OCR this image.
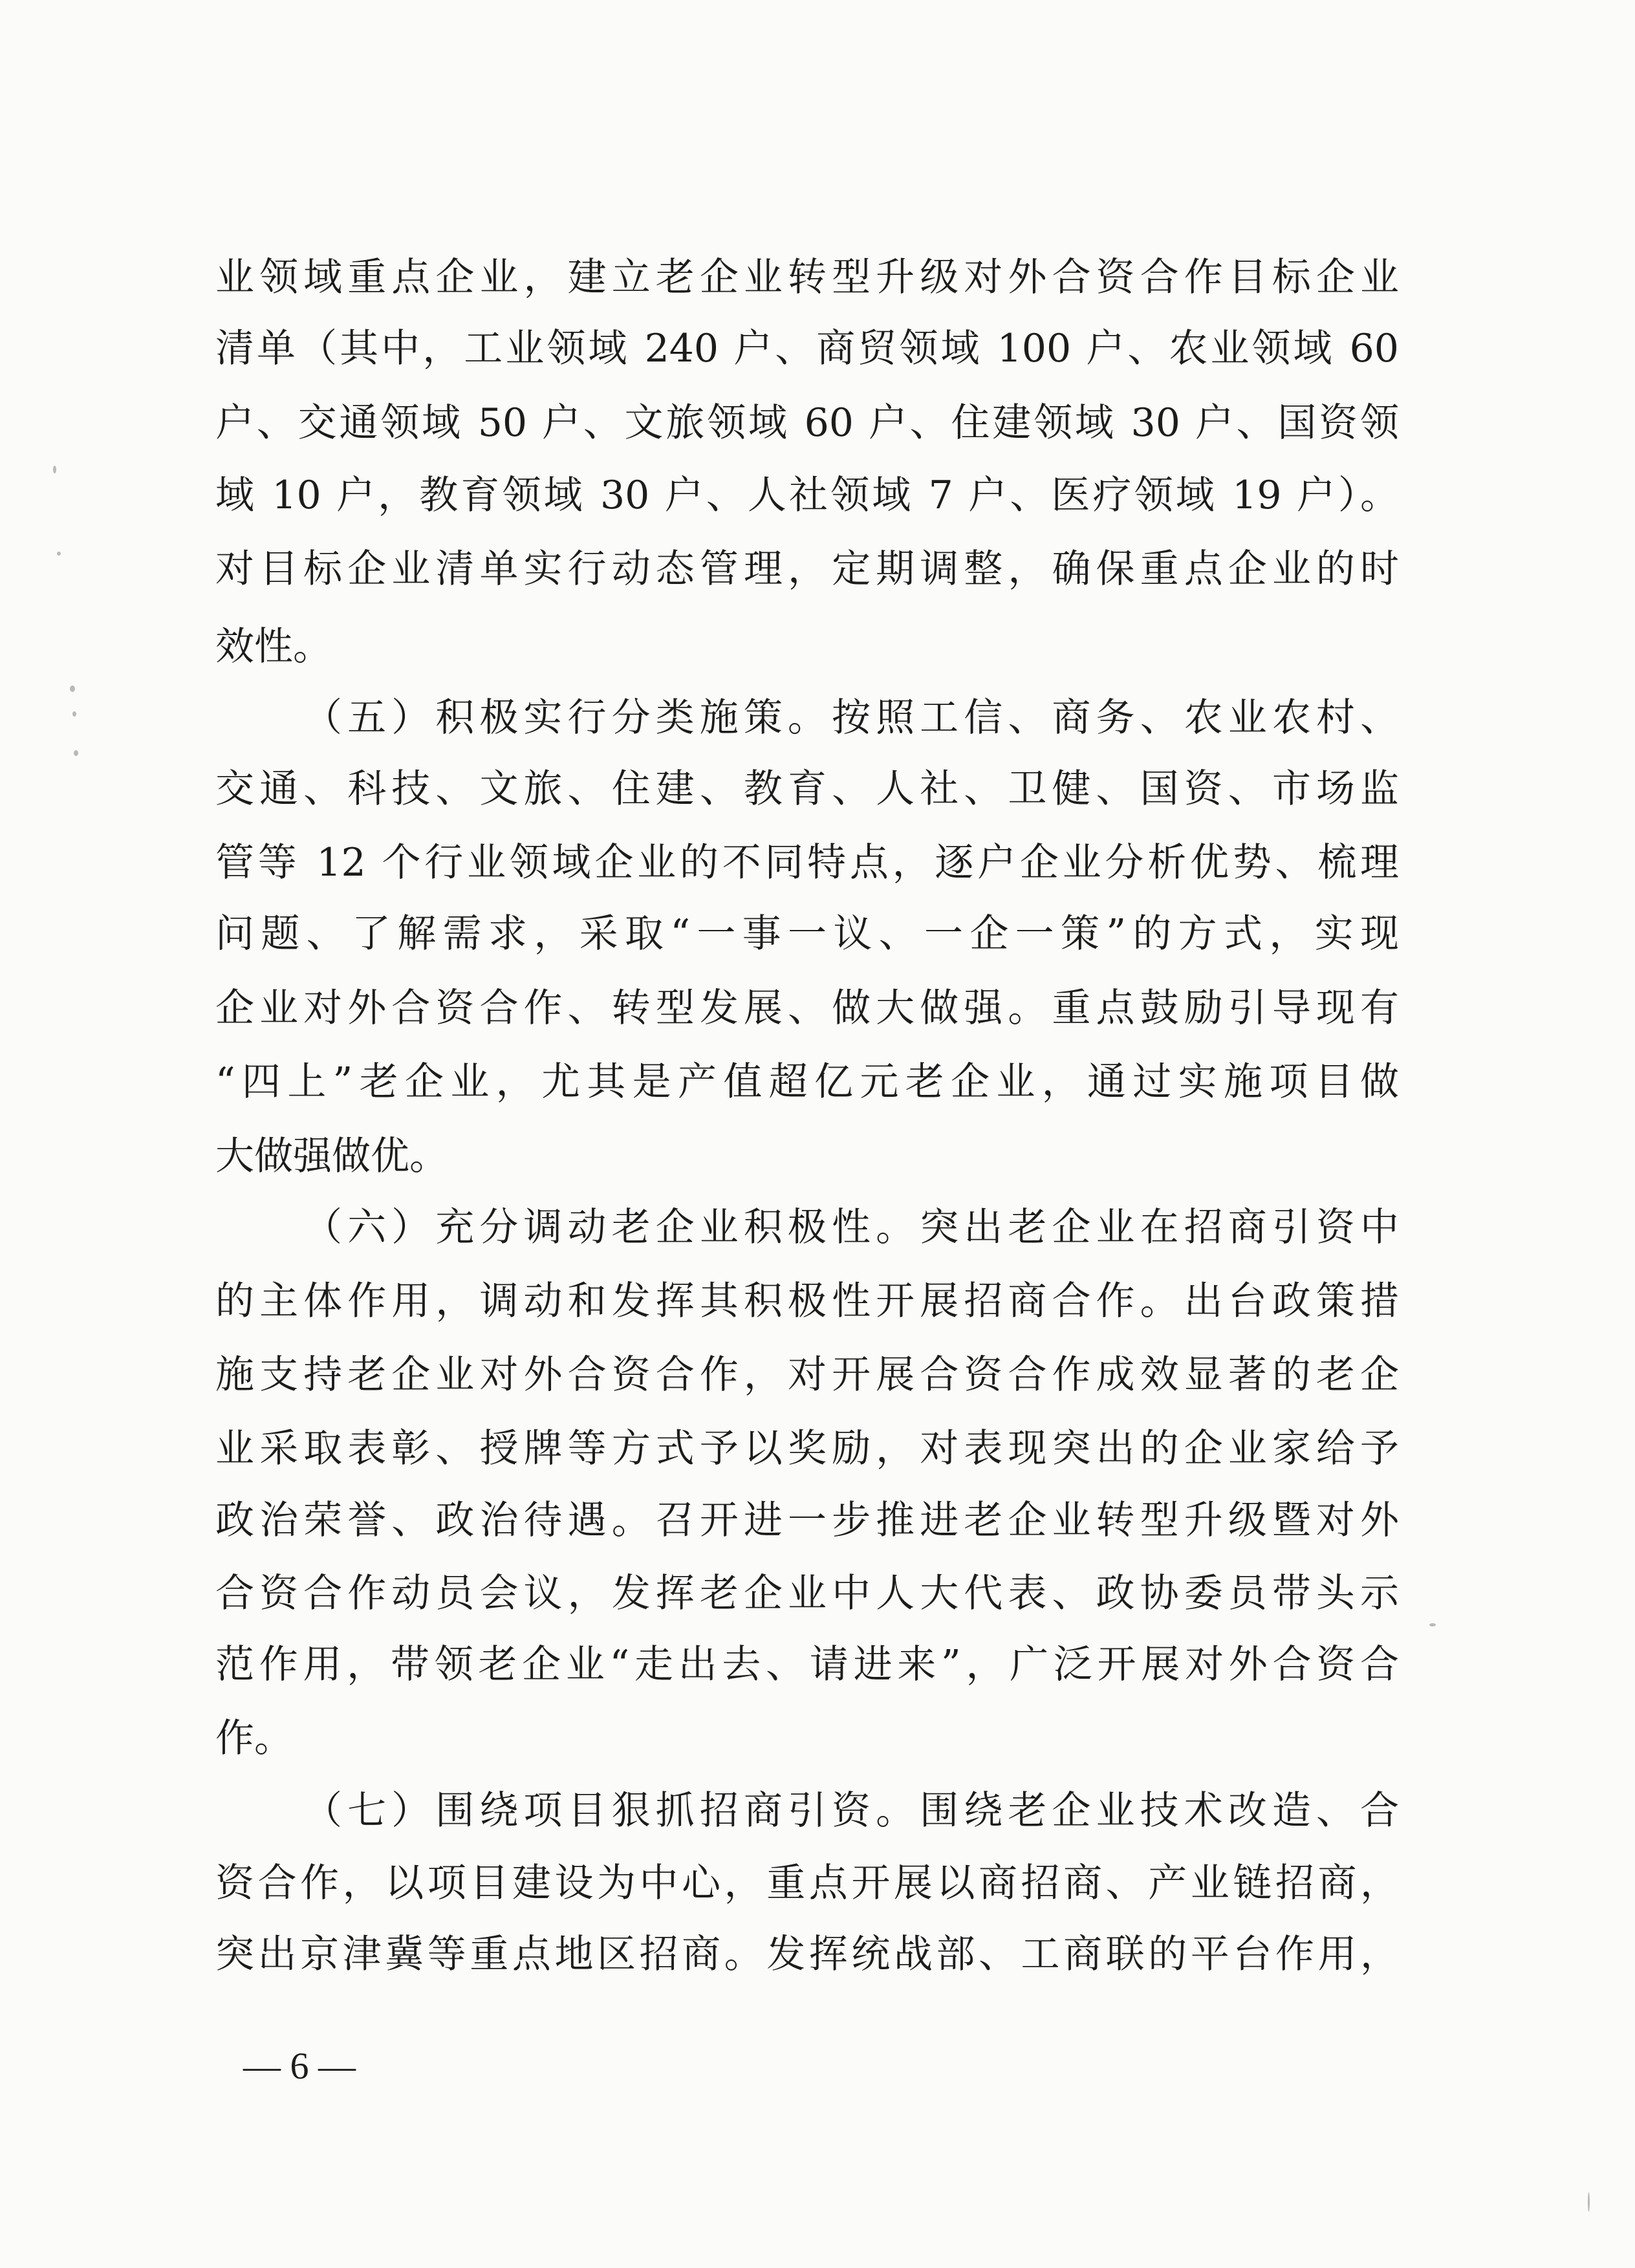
业领域重点企业，建立老企业转型升级对外合资合作目标企业
清单（其中，工业领域 240 户、商贸领域 100 户、农业领域 60
户、交通领域 50 户、文旅领域 60 户、住建领域 30 户、国资领
域 10 户，教育领域 30 户、人社领域 7 户、医疗领域 19 户）。
对目标企业清单实行动态管理，定期调整，确保重点企业的时
效性。
（五）积极实行分类施策。按照工信、商务、农业农村、
交通、科技、文旅、住建、教育、人社、卫健、国资、市场监
管等 12 个行业领域企业的不同特点，逐户企业分析优势、梳理
问题、了解需求，采取“一事一议、一企一策”的方式，实现
企业对外合资合作、转型发展、做大做强。重点鼓励引导现有
“四上”老企业，尤其是产值超亿元老企业，通过实施项目做
大做强做优。
（六）充分调动老企业积极性。突出老企业在招商引资中
的主体作用，调动和发挥其积极性开展招商合作。出台政策措
施支持老企业对外合资合作，对开展合资合作成效显著的老企
业采取表彰、授牌等方式予以奖励，对表现突出的企业家给予
政治荣誉、政治待遇。召开进一步推进老企业转型升级暨对外
合资合作动员会议，发挥老企业中人大代表、政协委员带头示
范作用，带领老企业“走出去、请进来”，广泛开展对外合资合
作。
（七）围绕项目狠抓招商引资。围绕老企业技术改造、合
资合作，以项目建设为中心，重点开展以商招商、产业链招商，
突出京津冀等重点地区招商。发挥统战部、工商联的平台作用，
— 6 —
